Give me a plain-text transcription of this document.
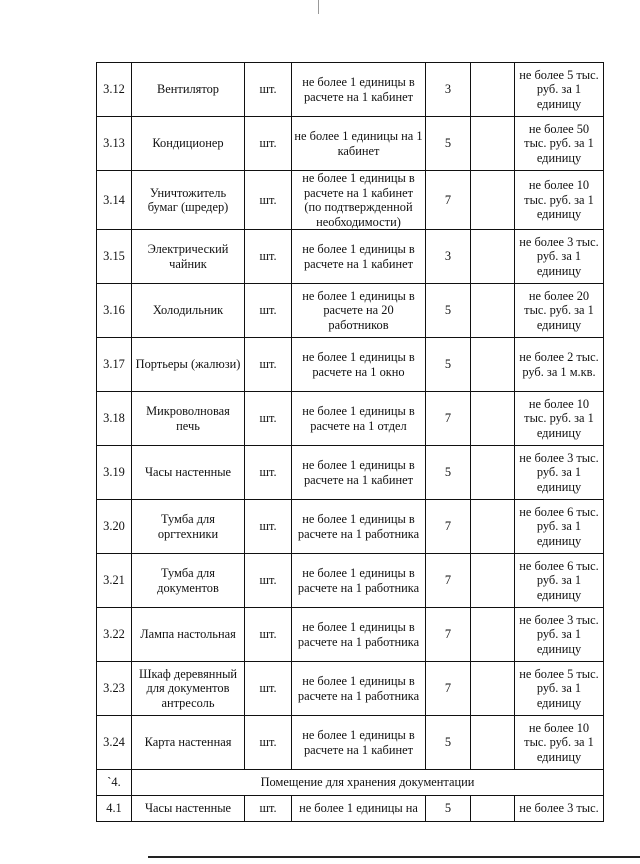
3.12	Вентилятор	шт.	не более 1 единицы в расчете на 1 кабинет	3		не более 5 тыс. руб. за 1 единицу
3.13	Кондиционер	шт.	не более 1 единицы на 1 кабинет	5		не более 50 тыс. руб. за 1 единицу
3.14	Уничтожитель бумаг (шредер)	шт.	не более 1 единицы в расчете на 1 кабинет (по подтвержденной необходимости)	7		не более 10 тыс. руб. за 1 единицу
3.15	Электрический чайник	шт.	не более 1 единицы в расчете на 1 кабинет	3		не более 3 тыс. руб. за 1 единицу
3.16	Холодильник	шт.	не более 1 единицы в расчете на 20 работников	5		не более 20 тыс. руб. за 1 единицу
3.17	Портьеры (жалюзи)	шт.	не более 1 единицы в расчете на 1 окно	5		не более 2 тыс. руб. за 1 м.кв.
3.18	Микроволновая печь	шт.	не более 1 единицы в расчете на 1 отдел	7		не более 10 тыс. руб. за 1 единицу
3.19	Часы настенные	шт.	не более 1 единицы в расчете на 1 кабинет	5		не более 3 тыс. руб. за 1 единицу
3.20	Тумба для оргтехники	шт.	не более 1 единицы в расчете на 1 работника	7		не более 6 тыс. руб. за 1 единицу
3.21	Тумба для документов	шт.	не более 1 единицы в расчете на 1 работника	7		не более 6 тыс. руб. за 1 единицу
3.22	Лампа настольная	шт.	не более 1 единицы в расчете на 1 работника	7		не более 3 тыс. руб. за 1 единицу
3.23	Шкаф деревянный для документов антресоль	шт.	не более 1 единицы в расчете на 1 работника	7		не более 5 тыс. руб. за 1 единицу
3.24	Карта настенная	шт.	не более 1 единицы в расчете на 1 кабинет	5		не более 10 тыс. руб. за 1 единицу
`4.	Помещение для хранения документации					
4.1	Часы настенные	шт.	не более 1 единицы на	5		не более 3 тыс.
